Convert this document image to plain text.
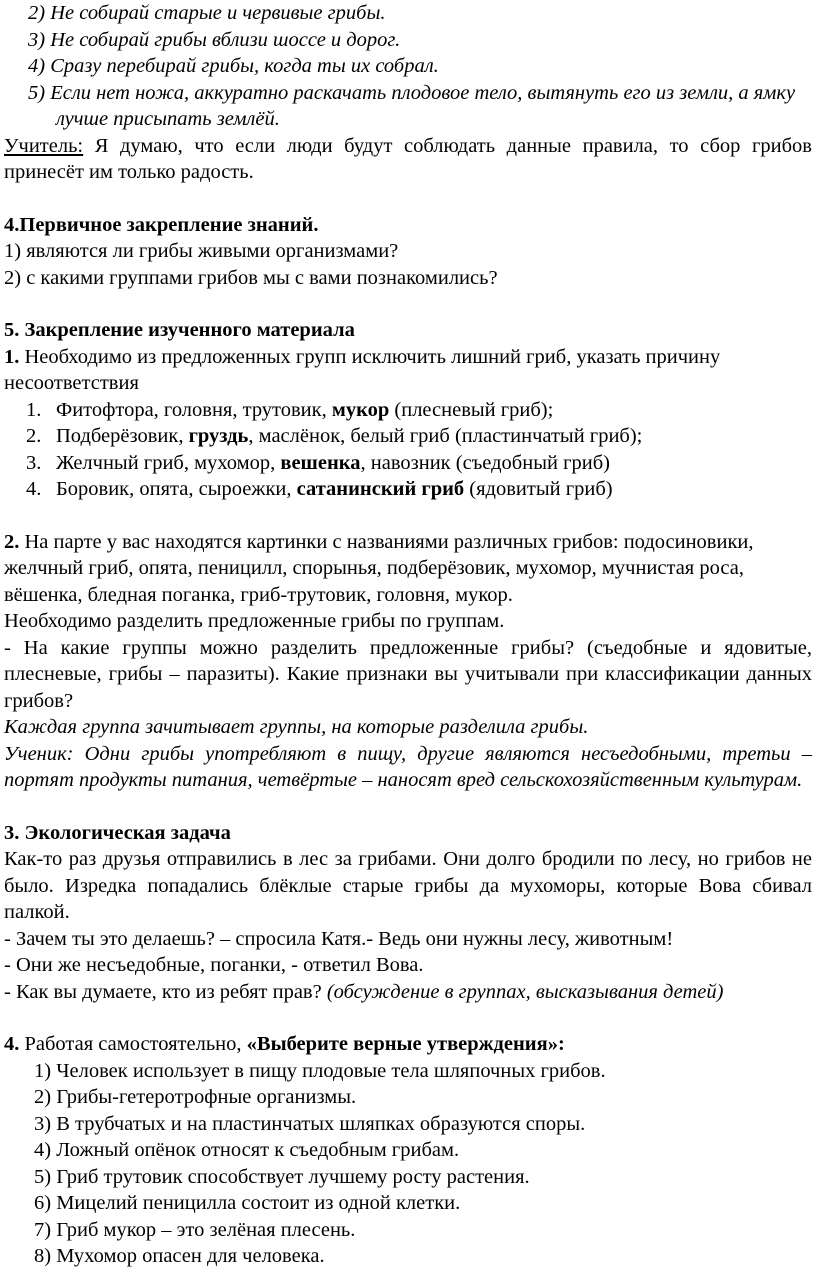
2) Не собирай старые и червивые грибы.

3) Не собирай грибы вблизи шоссе и дорог.

4) Сразу перебирай грибы, когда ты их собрал.

5) Если нет ножа, аккуратно раскачать плодовое тело, вытянуть его из земли, а ямку лучше присыпать землёй.

Учитель: Я думаю, что если люди будут соблюдать данные правила, то сбор грибов принесёт им только радость.

4.Первичное закрепление знаний.

1) являются ли грибы живыми организмами?

2) с какими группами грибов мы с вами познакомились?

5. Закрепление изученного материала

1. Необходимо из предложенных групп исключить лишний гриб, указать причину несоответствия

1. Фитофтора, головня, трутовик, мукор (плесневый гриб);
2. Подберёзовик, груздь, маслёнок, белый гриб (пластинчатый гриб);
3. Желчный гриб, мухомор, вешенка, навозник (съедобный гриб)
4. Боровик, опята, сыроежки, сатанинский гриб (ядовитый гриб)

2. На парте у вас находятся картинки с названиями различных грибов: подосиновики, желчный гриб, опята, пеницилл, спорынья, подберёзовик, мухомор, мучнистая роса, вёшенка, бледная поганка, гриб-трутовик, головня, мукор.

Необходимо разделить предложенные грибы по группам.

- На какие группы можно разделить предложенные грибы? (съедобные и ядовитые, плесневые, грибы – паразиты). Какие признаки вы учитывали при классификации данных грибов?

Каждая группа зачитывает группы, на которые разделила грибы.

Ученик: Одни грибы употребляют в пищу, другие являются несъедобными, третьи – портят продукты питания, четвёртые – наносят вред сельскохозяйственным культурам.

3. Экологическая задача

Как-то раз друзья отправились в лес за грибами. Они долго бродили по лесу, но грибов не было. Изредка попадались блёклые старые грибы да мухоморы, которые Вова сбивал палкой.

- Зачем ты это делаешь? – спросила Катя.- Ведь они нужны лесу, животным!

- Они же несъедобные, поганки, - ответил Вова.

- Как вы думаете, кто из ребят прав? (обсуждение в группах, высказывания детей)

4. Работая самостоятельно, «Выберите верные утверждения»:

1) Человек использует в пищу плодовые тела шляпочных грибов.

2) Грибы-гетеротрофные организмы.

3) В трубчатых и на пластинчатых шляпках образуются споры.

4) Ложный опёнок относят к съедобным грибам.

5) Гриб трутовик способствует лучшему росту растения.

6) Мицелий пеницилла состоит из одной клетки.

7) Гриб мукор – это зелёная плесень.

8) Мухомор опасен для человека.
